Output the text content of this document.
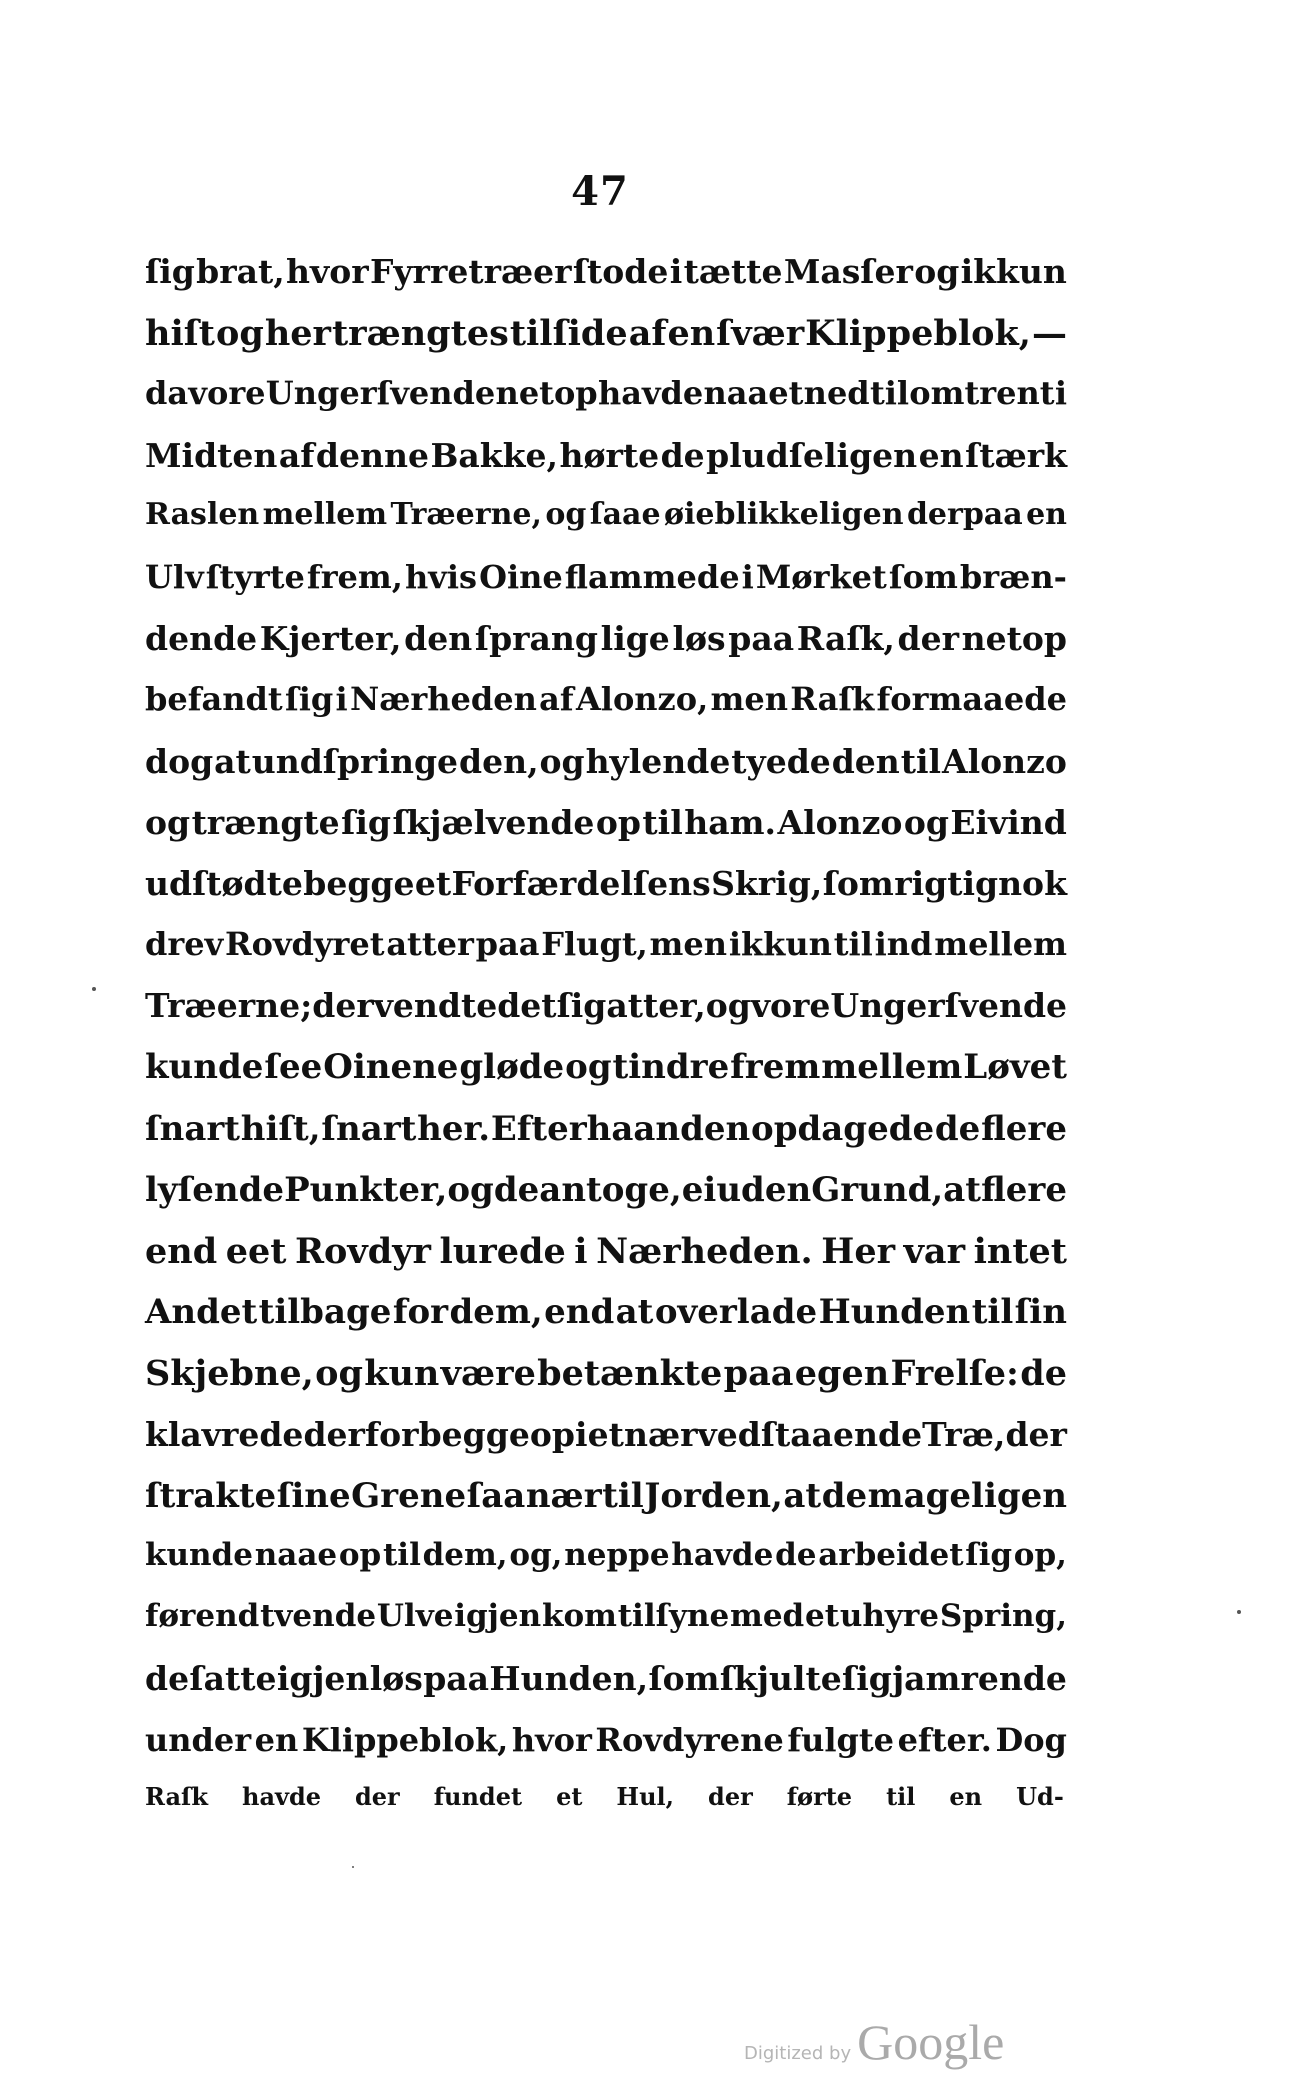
47
ſig brat, hvor Fyrretræer ſtode i tætte Masſer og ikkun
hiſt og her trængtes tilſide af en ſvær Klippeblok, —
da vore Ungerſvende netop havde naaet ned til omtrent i
Midten af denne Bakke, hørte de pludſeligen en ſtærk
Raslen mellem Træerne, og ſaae øieblikkeligen derpaa en
Ulv ſtyrte frem, hvis Oine flammede i Mørket ſom bræn-
dende Kjerter, den ſprang lige løs paa Raſk, der netop
befandt ſig i Nærheden af Alonzo, men Raſk formaaede
dog at undſpringe den, og hylende tyede den til Alonzo
og trængte ſig ſkjælvende op til ham. Alonzo og Eivind
udſtødte begge et Forfærdelſens Skrig, ſom rigtignok
drev Rovdyret atter paa Flugt, men ikkun til ind mellem
Træerne; der vendte det ſig atter, og vore Ungerſvende
kunde ſee Oinene gløde og tindre frem mellem Løvet
ſnart hiſt, ſnart her. Efterhaanden opdagede de flere
lyſende Punkter, og de antoge, ei uden Grund, at flere
end eet Rovdyr lurede i Nærheden. Her var intet
Andet tilbage for dem, end at overlade Hunden til ſin
Skjebne, og kun være betænkte paa egen Frelſe: de
klavrede derfor begge op i et nærved ſtaaende Træ, der
ſtrakte ſine Grene ſaa nær til Jorden, at de mageligen
kunde naae op til dem, og, neppe havde de arbeidet ſig op,
førend tvende Ulve igjen kom tilſyne med et uhyre Spring,
de ſatte igjen løs paa Hunden, ſom ſkjulte ſig jamrende
under en Klippeblok, hvor Rovdyrene fulgte efter. Dog
Raſk havde der fundet et Hul, der førte til en Ud-
Digitized by Google
